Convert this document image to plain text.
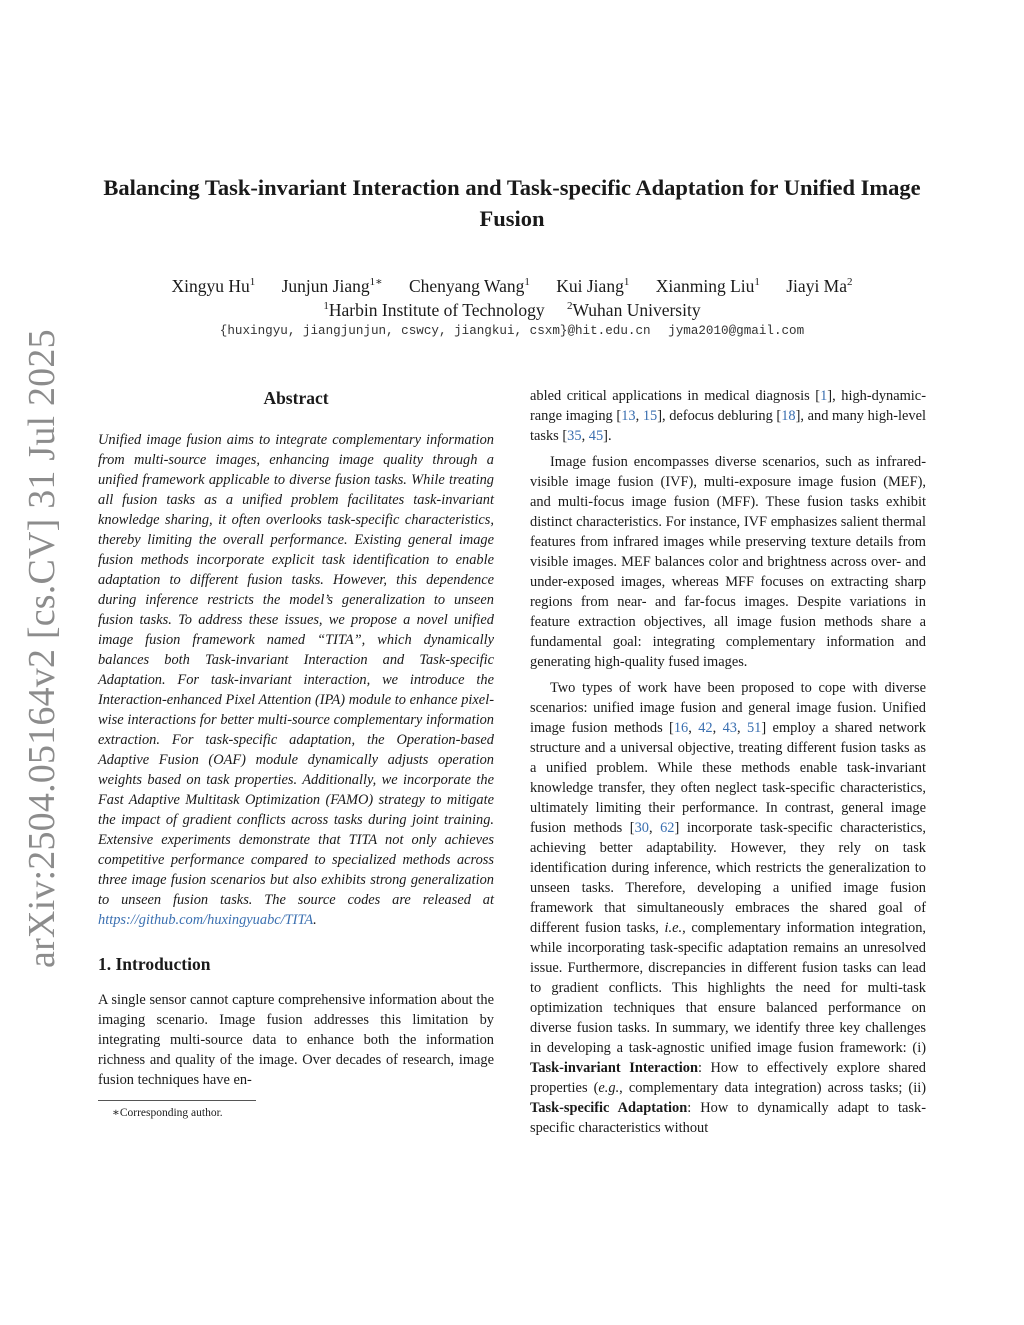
arXiv:2504.05164v2 [cs.CV] 31 Jul 2025
Balancing Task-invariant Interaction and Task-specific Adaptation for Unified Image Fusion
Xingyu Hu$^1$ Junjun Jiang$^{1∗}$ Chenyang Wang$^1$ Kui Jiang$^1$ Xianming Liu$^1$ Jiayi Ma$^2$
$^1$Harbin Institute of Technology $^2$Wuhan University
{huxingyu, jiangjunjun, cswcy, jiangkui, csxm}@hit.edu.cn jyma2010@gmail.com
Abstract

Unified image fusion aims to integrate complementary information from multi-source images, enhancing image quality through a unified framework applicable to diverse fusion tasks. While treating all fusion tasks as a unified problem facilitates task-invariant knowledge sharing, it often overlooks task-specific characteristics, thereby limiting the overall performance. Existing general image fusion methods incorporate explicit task identification to enable adaptation to different fusion tasks. However, this dependence during inference restricts the model’s generalization to unseen fusion tasks. To address these issues, we propose a novel unified image fusion framework named “TITA”, which dynamically balances both Task-invariant Interaction and Task-specific Adaptation. For task-invariant interaction, we introduce the Interaction-enhanced Pixel Attention (IPA) module to enhance pixel-wise interactions for better multi-source complementary information extraction. For task-specific adaptation, the Operation-based Adaptive Fusion (OAF) module dynamically adjusts operation weights based on task properties. Additionally, we incorporate the Fast Adaptive Multitask Optimization (FAMO) strategy to mitigate the impact of gradient conflicts across tasks during joint training. Extensive experiments demonstrate that TITA not only achieves competitive performance compared to specialized methods across three image fusion scenarios but also exhibits strong generalization to unseen fusion tasks. The source codes are released at https://github.com/huxingyuabc/TITA.

1. Introduction

A single sensor cannot capture comprehensive information about the imaging scenario. Image fusion addresses this limitation by integrating multi-source data to enhance both the information richness and quality of the image. Over decades of research, image fusion techniques have en-

∗Corresponding author.

abled critical applications in medical diagnosis [1], high-dynamic-range imaging [13, 15], defocus debluring [18], and many high-level tasks [35, 45].

Image fusion encompasses diverse scenarios, such as infrared-visible image fusion (IVF), multi-exposure image fusion (MEF), and multi-focus image fusion (MFF). These fusion tasks exhibit distinct characteristics. For instance, IVF emphasizes salient thermal features from infrared images while preserving texture details from visible images. MEF balances color and brightness across over- and under-exposed images, whereas MFF focuses on extracting sharp regions from near- and far-focus images. Despite variations in feature extraction objectives, all image fusion methods share a fundamental goal: integrating complementary information and generating high-quality fused images.

Two types of work have been proposed to cope with diverse scenarios: unified image fusion and general image fusion. Unified image fusion methods [16, 42, 43, 51] employ a shared network structure and a universal objective, treating different fusion tasks as a unified problem. While these methods enable task-invariant knowledge transfer, they often neglect task-specific characteristics, ultimately limiting their performance. In contrast, general image fusion methods [30, 62] incorporate task-specific characteristics, achieving better adaptability. However, they rely on task identification during inference, which restricts the generalization to unseen tasks. Therefore, developing a unified image fusion framework that simultaneously embraces the shared goal of different fusion tasks, i.e., complementary information integration, while incorporating task-specific adaptation remains an unresolved issue. Furthermore, discrepancies in different fusion tasks can lead to gradient conflicts. This highlights the need for multi-task optimization techniques that ensure balanced performance on diverse fusion tasks. In summary, we identify three key challenges in developing a task-agnostic unified image fusion framework: (i) Task-invariant Interaction: How to effectively explore shared properties (e.g., complementary data integration) across tasks; (ii) Task-specific Adaptation: How to dynamically adapt to task-specific characteristics without
